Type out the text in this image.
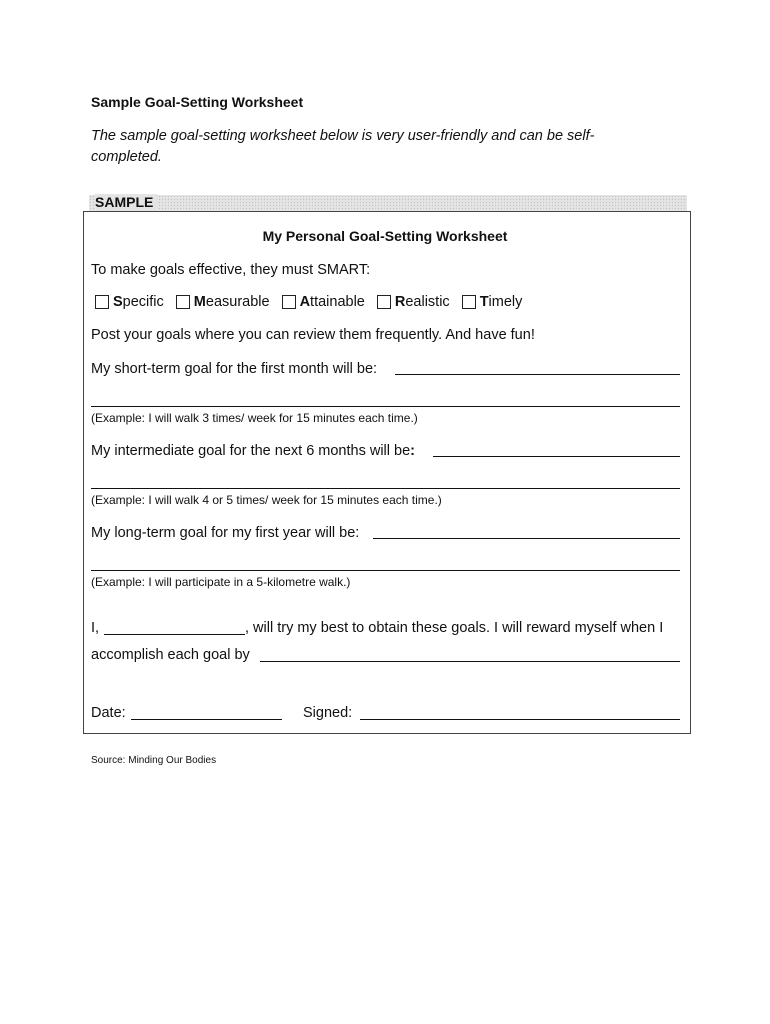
Sample Goal-Setting Worksheet
The sample goal-setting worksheet below is very user-friendly and can be self-
completed.
SAMPLE
My Personal Goal-Setting Worksheet
To make goals effective, they must SMART:
S pecific M easurable A ttainable R ealistic T imely
Post your goals where you can review them frequently. And have fun!
My short-term goal for the first month will be:
(Example: I will walk 3 times/ week for 15 minutes each time.)
My intermediate goal for the next 6 months will be:
(Example: I will walk 4 or 5 times/ week for 15 minutes each time.)
My long-term goal for my first year will be:
(Example: I will participate in a 5-kilometre walk.)
I,	, will try my best to obtain these goals. I will reward myself when I
accomplish each goal by
Date:	Signed:
Source: Minding Our Bodies
